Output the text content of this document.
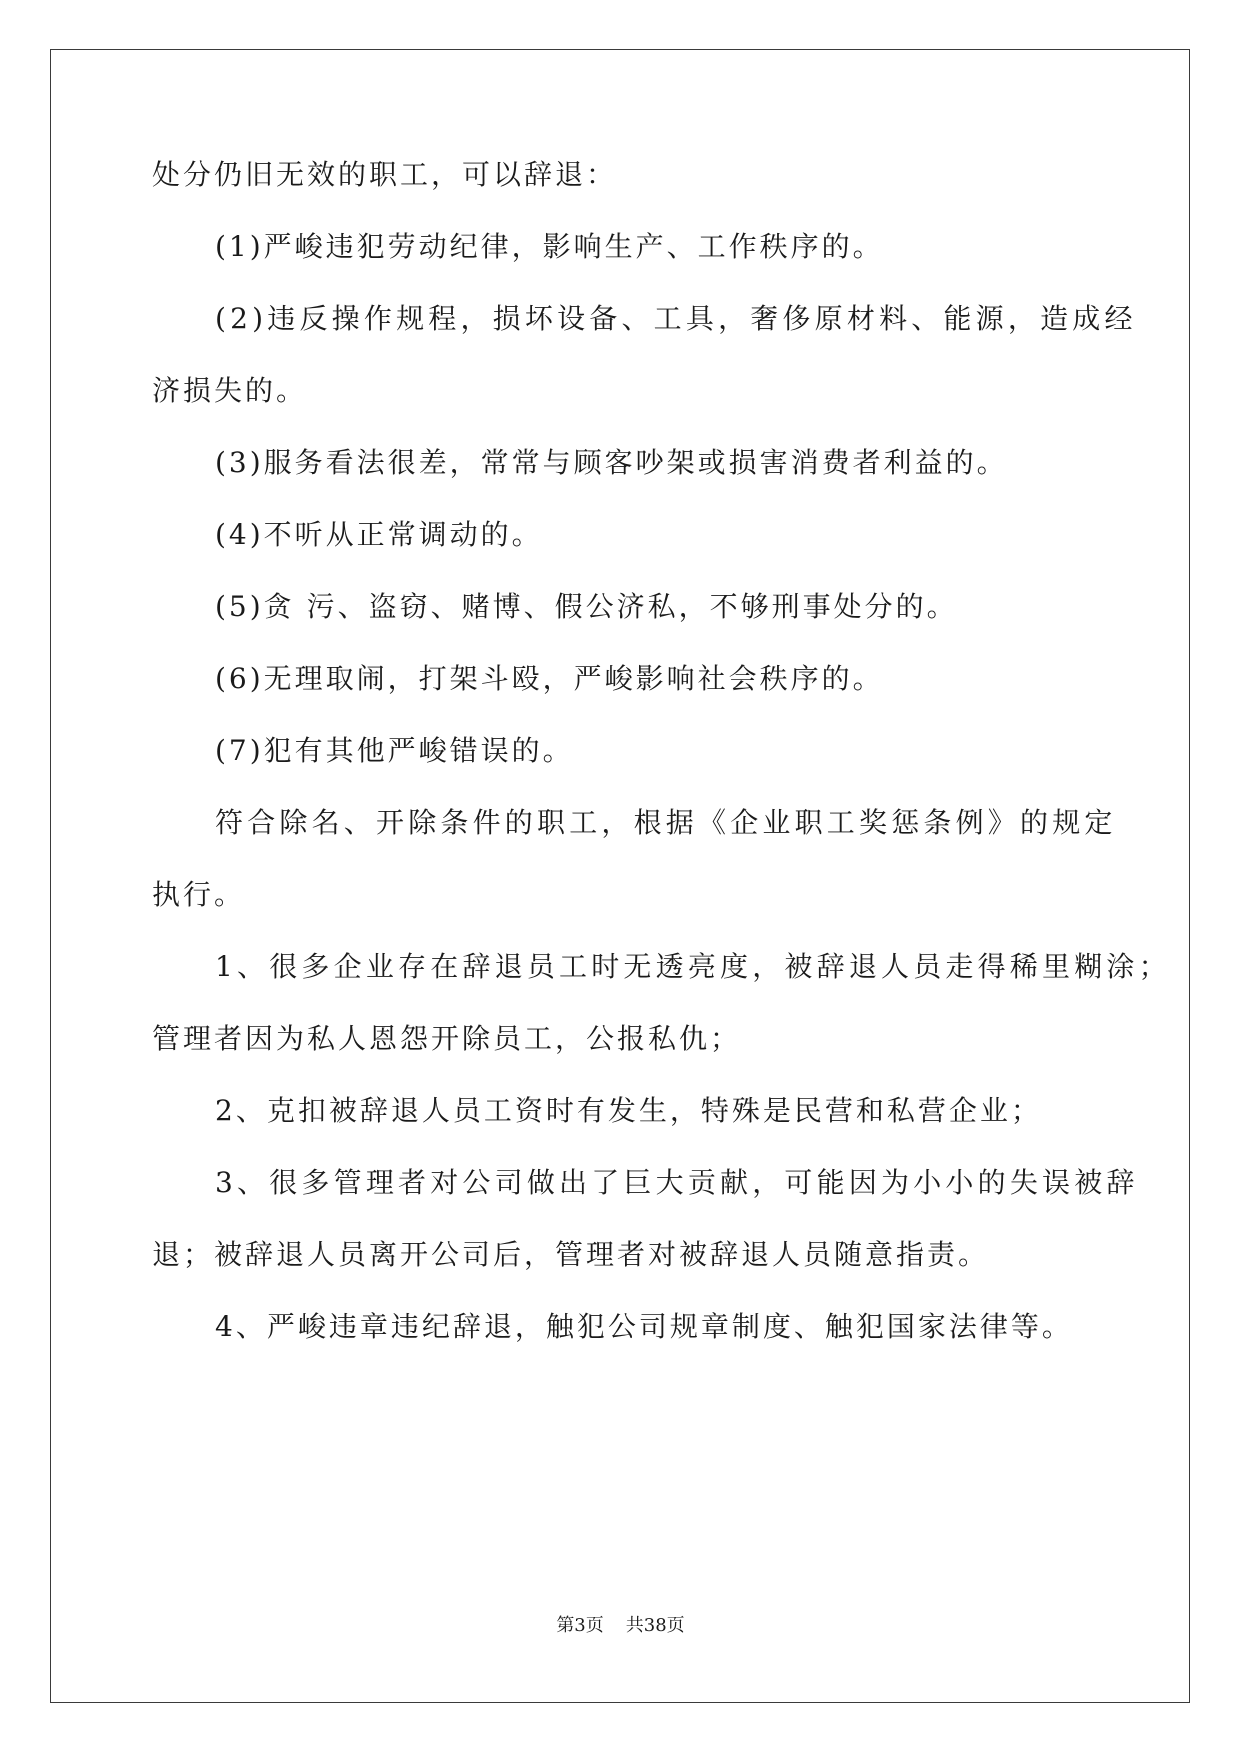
处分仍旧无效的职工，可以辞退：
(1)严峻违犯劳动纪律，影响生产、工作秩序的。
(2)违反操作规程，损坏设备、工具，奢侈原材料、能源，造成经
济损失的。
(3)服务看法很差，常常与顾客吵架或损害消费者利益的。
(4)不听从正常调动的。
(5)贪 污、盗窃、赌博、假公济私，不够刑事处分的。
(6)无理取闹，打架斗殴，严峻影响社会秩序的。
(7)犯有其他严峻错误的。
符合除名、开除条件的职工，根据《企业职工奖惩条例》的规定
执行。
1、很多企业存在辞退员工时无透亮度，被辞退人员走得稀里糊涂；
管理者因为私人恩怨开除员工，公报私仇；
2、克扣被辞退人员工资时有发生，特殊是民营和私营企业；
3、很多管理者对公司做出了巨大贡献，可能因为小小的失误被辞
退；被辞退人员离开公司后，管理者对被辞退人员随意指责。
4、严峻违章违纪辞退，触犯公司规章制度、触犯国家法律等。
第3页 共38页
